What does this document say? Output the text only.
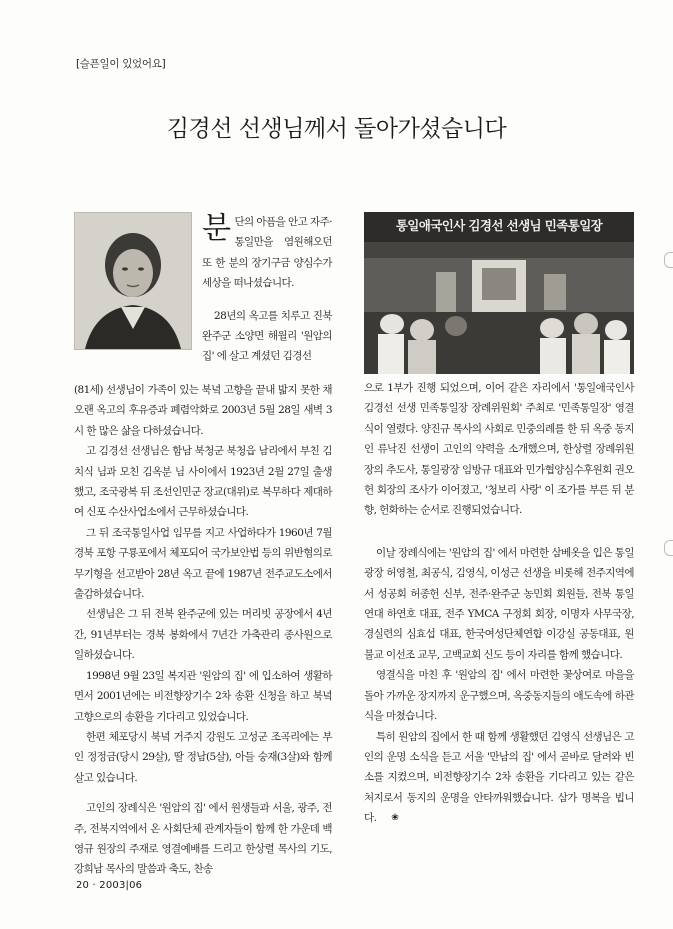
[슬픈일이 있었어요]
김경선 선생님께서 돌아가셨습니다

분단의 아픔을 안고 자주·통일만을 염원해오던 또 한 분의 장기구금 양심수가 세상을 떠나셨습니다.

28년의 옥고를 치루고 진북 완주군 소양면 해월리 '원암의집' 에 살고 계셨던 김경선

통일애국인사 김경선 선생님 민족통일장

(81세) 선생님이 가족이 있는 북녘 고향을 끝내 밟지 못한 채 오랜 옥고의 후유증과 폐렴악화로 2003년 5월 28일 새벽 3시 한 많은 삶을 다하셨습니다.

고 김경선 선생님은 함남 북청군 북청읍 남리에서 부친 김치식 님과 모친 김옥분 님 사이에서 1923년 2월 27일 출생했고, 조국광복 뒤 조선인민군 장교(대위)로 복무하다 제대하여 신포 수산사업소에서 근무하셨습니다.

그 뒤 조국통일사업 임무를 지고 사업하다가 1960년 7월 경북 포항 구룡포에서 체포되어 국가보안법 등의 위반혐의로 무기형을 선고받아 28년 옥고 끝에 1987년 전주교도소에서 출감하셨습니다.

선생님은 그 뒤 전북 완주군에 있는 머리빗 공장에서 4년간, 91년부터는 경북 봉화에서 7년간 가축관리 종사원으로 일하셨습니다.

1998년 9월 23일 복지관 '원암의 집' 에 입소하여 생활하면서 2001년에는 비전향장기수 2차 송환 신청을 하고 북녘 고향으로의 송환을 기다리고 있었습니다.

한편 체포당시 북녘 거주지 강원도 고성군 조곡리에는 부인 정정금(당시 29살), 딸 정남(5살), 아들 숭재(3살)와 함께 살고 있습니다.

고인의 장례식은 '원암의 집' 에서 원생들과 서울, 광주, 전주, 전북지역에서 온 사회단체 관계자들이 함께 한 가운데 백영규 원장의 주재로 영결예배를 드리고 한상렬 목사의 기도, 강희남 목사의 말씀과 축도, 찬송

으로 1부가 진행 되었으며, 이어 같은 자리에서 '통일애국인사 김경선 선생 민족통일장 장례위원회' 주최로 '민족통일장' 영결식이 열렸다. 양진규 목사의 사회로 민중의례를 한 뒤 옥중 동지인 류낙진 선생이 고인의 약력을 소개했으며, 한상렬 장례위원장의 추도사, 통일광장 임방규 대표와 민가협양심수후원회 권오헌 회장의 조사가 이어졌고, '청보리 사랑' 이 조가를 부른 뒤 분향, 헌화하는 순서로 진행되었습니다.

이날 장례식에는 '원암의 집' 에서 마련한 삼베옷을 입은 통일광장 허영철, 최공식, 김영식, 이성근 선생을 비롯해 전주지역에서 성공회 허종헌 신부, 전주·완주군 농민회 회원들, 전북 통일연대 하연호 대표, 전주 YMCA 구정회 회장, 이명자 사무국장, 경실련의 심효섭 대표, 한국여성단체연합 이강실 공동대표, 원불교 이선조 교무, 고백교회 신도 등이 자리를 함께 했습니다.

영결식을 마친 후 '원암의 집' 에서 마련한 꽃상여로 마을을 돌아 가까운 장지까지 운구했으며, 옥중동지들의 애도속에 하관식을 마쳤습니다.

특히 원암의 집에서 한 때 함께 생활했던 김영식 선생님은 고인의 운명 소식을 듣고 서울 '만남의 집' 에서 곧바로 달려와 빈소를 지켰으며, 비전향장기수 2차 송환을 기다리고 있는 같은 처지로서 동지의 운명을 안타까워했습니다. 삼가 명복을 빕니다. ❀

20 · 2003|06
